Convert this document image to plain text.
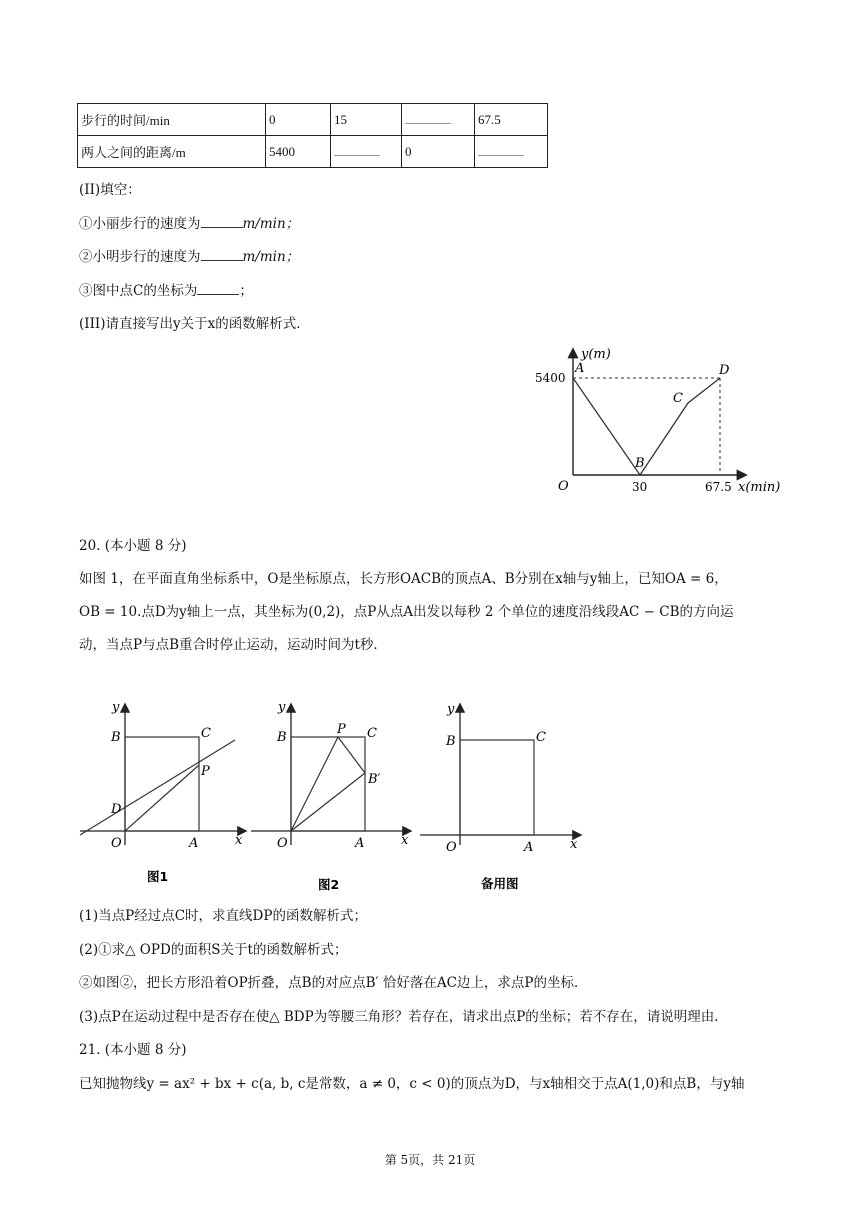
步行的时间/min	0	15		67.5
两人之间的距离/m	5400		0	
(II)填空：
①小丽步行的速度为	m/min；
②小明步行的速度为	m/min；
③图中点C的坐标为	；
(III)请直接写出y关于x的函数解析式．
y(m)
5400
A
B
C
D
O	30	67.5 x(min)
20. (本小题 8 分)
如图 1，在平面直角坐标系中，O是坐标原点，长方形OACB的顶点A、B分别在x轴与y轴上，已知OA = 6，
OB = 10.点D为y轴上一点，其坐标为(0,2)，点P从点A出发以每秒 2 个单位的速度沿线段AC − CB的方向运
动，当点P与点B重合时停止运动，运动时间为t秒．
y
B	C
P
D
O	A	x
图1
y
B
P C
B′
O	A	x
图2
y
B	C
O	A	x
备用图
(1)当点P经过点C时，求直线DP的函数解析式；
(2)①求△ OPD的面积S关于t的函数解析式；
②如图②，把长方形沿着OP折叠，点B的对应点B′ 恰好落在AC边上，求点P的坐标．
(3)点P在运动过程中是否存在使△ BDP为等腰三角形？若存在，请求出点P的坐标；若不存在，请说明理由．
21. (本小题 8 分)
已知抛物线y = ax² + bx + c(a, b, c是常数，a ≠ 0，c < 0)的顶点为D，与x轴相交于点A(1,0)和点B，与y轴
第 5页，共 21页
